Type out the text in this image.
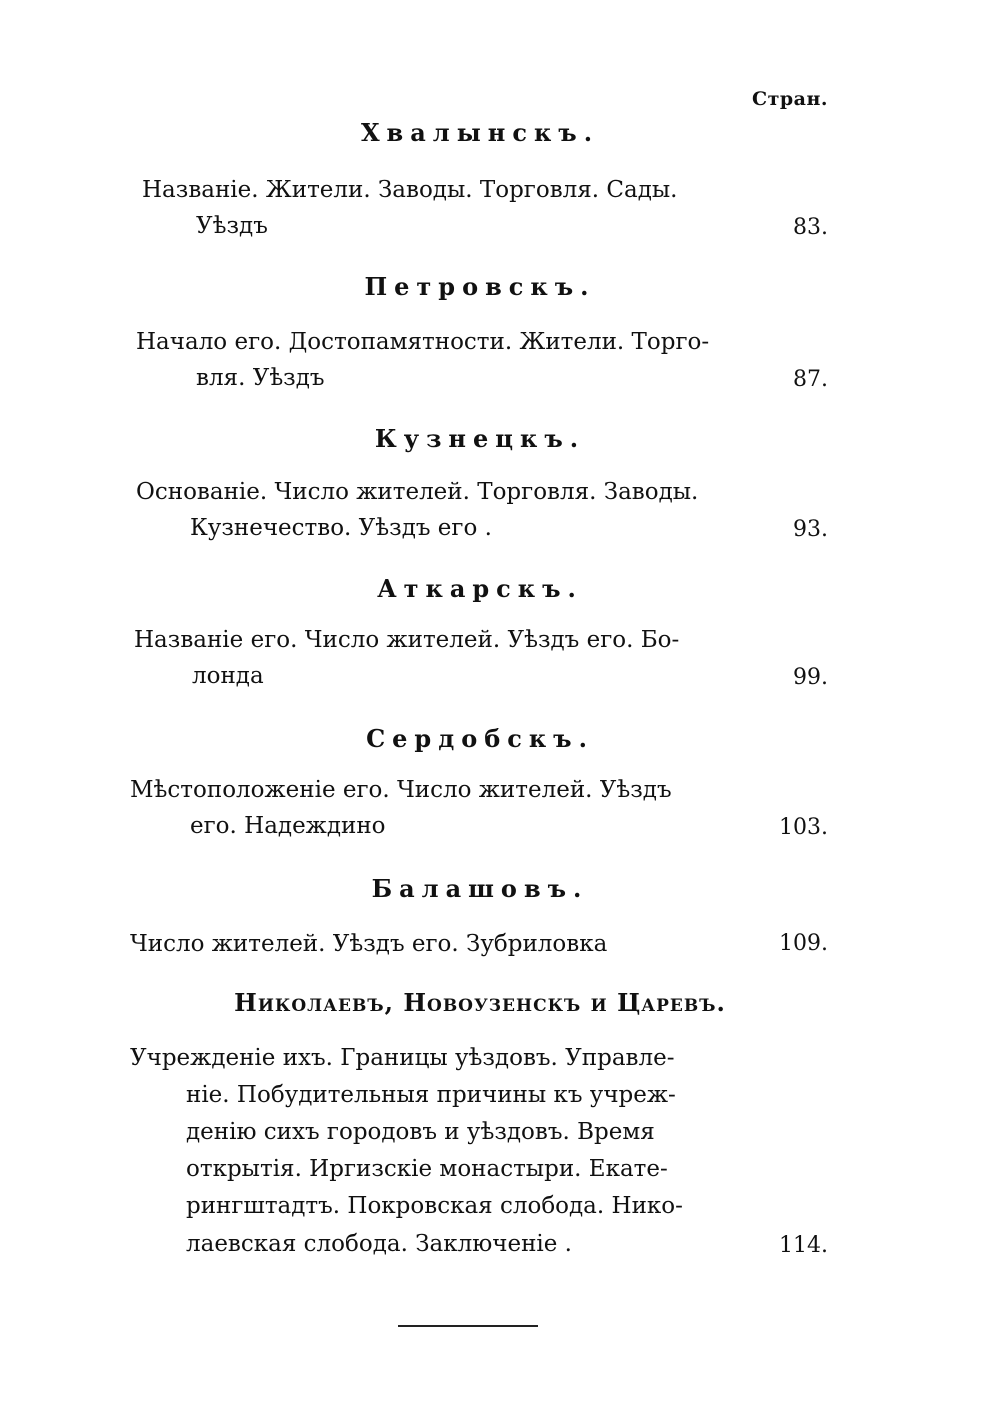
Стрaн.
Хвалынскъ.
Названіе. Жители. Заводы. Торговля. Сады.
Уѣздъ	83.
Петровскъ.
Начало его. Достопамятности. Жители. Торго-
вля. Уѣздъ	87.
Кузнецкъ.
Основаніе. Число жителей. Торговля. Заводы.
Кузнечество. Уѣздъ его .	93.
Аткарскъ.
Названіе его. Число жителей. Уѣздъ его. Бо-
лонда	99.
Сердобскъ.
Мѣстоположеніе его. Число жителей. Уѣздъ
его. Надеждино	103.
Балашовъ.
Число жителей. Уѣздъ его. Зубриловка	109.
Николаевъ, Новоузенскъ и Царевъ.
Учрежденіе ихъ. Границы уѣздовъ. Управле-
ніе. Побудительныя причины къ учреж-
денію сихъ городовъ и уѣздовъ. Время
открытія. Иргизскіе монастыри. Екате-
рингштадтъ. Покровская слобода. Нико-
лаевская слобода. Заключеніе .	114.
